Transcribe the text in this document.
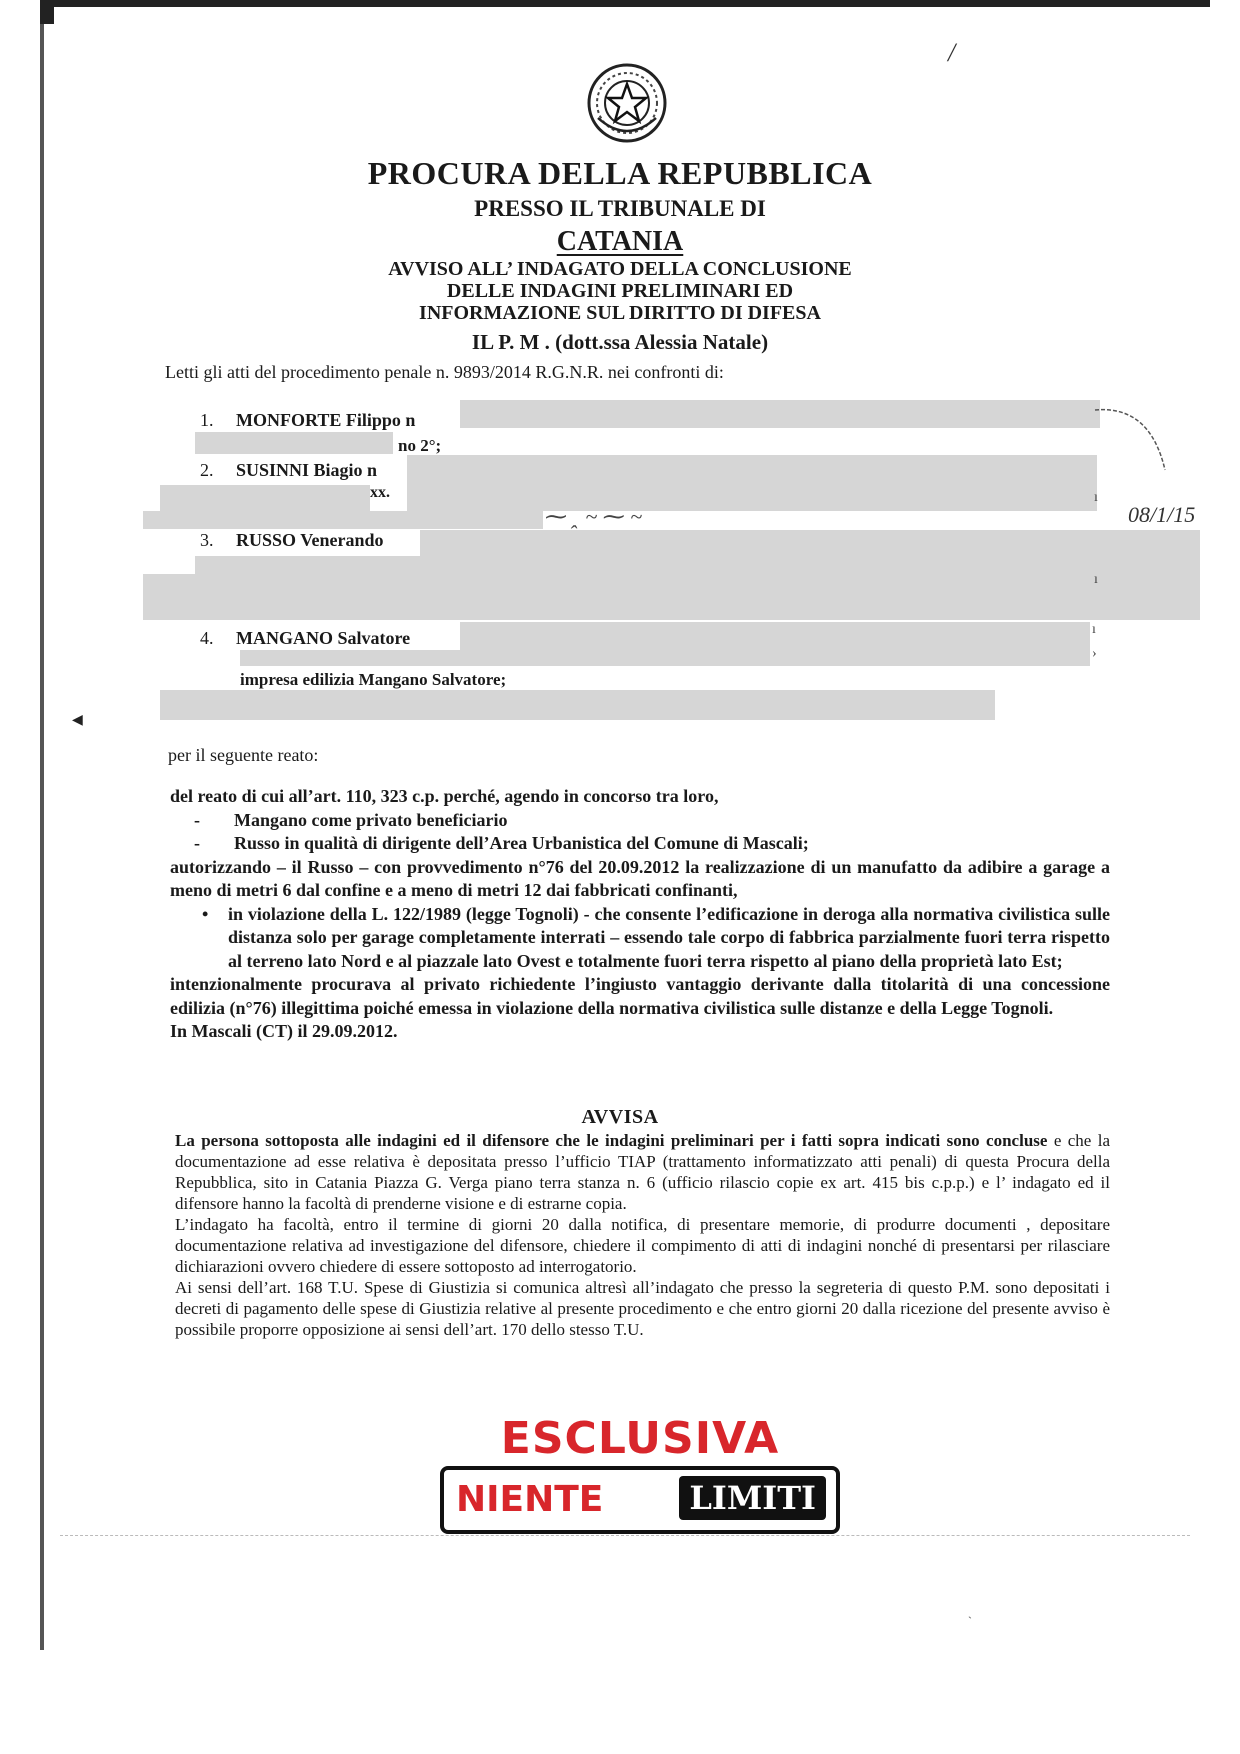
/
PROCURA DELLA REPUBBLICA
PRESSO IL TRIBUNALE DI
CATANIA
AVVISO ALL’ INDAGATO DELLA CONCLUSIONE
DELLE INDAGINI PRELIMINARI ED
INFORMAZIONE SUL DIRITTO DI DIFESA
IL P. M . (dott.ssa Alessia Natale)
Letti gli atti del procedimento penale n. 9893/2014 R.G.N.R. nei confronti di:
1. MONFORTE Filippo n
no 2°;
2. SUSINNI Biagio n
xx.
⁓ ꞈ ~ ⁓ ~
3. RUSSO Venerando
4. MANGANO Salvatore
impresa edilizia Mangano Salvatore;
08/1/15
ı
ı
ı
›
◀
per il seguente reato:

del reato di cui all’art. 110, 323 c.p. perché, agendo in concorso tra loro,

- Mangano come privato beneficiario

- Russo in qualità di dirigente dell’Area Urbanistica del Comune di Mascali;

autorizzando – il Russo – con provvedimento n°76 del 20.09.2012 la realizzazione di un manufatto da adibire a garage a meno di metri 6 dal confine e a meno di metri 12 dai fabbricati confinanti,

• in violazione della L. 122/1989 (legge Tognoli) - che consente l’edificazione in deroga alla normativa civilistica sulle distanza solo per garage completamente interrati – essendo tale corpo di fabbrica parzialmente fuori terra rispetto al terreno lato Nord e al piazzale lato Ovest e totalmente fuori terra rispetto al piano della proprietà lato Est;

intenzionalmente procurava al privato richiedente l’ingiusto vantaggio derivante dalla titolarità di una concessione edilizia (n°76) illegittima poiché emessa in violazione della normativa civilistica sulle distanze e della Legge Tognoli.

In Mascali (CT) il 29.09.2012.

AVVISA

La persona sottoposta alle indagini ed il difensore che le indagini preliminari per i fatti sopra indicati sono concluse e che la documentazione ad esse relativa è depositata presso l’ufficio TIAP (trattamento informatizzato atti penali) di questa Procura della Repubblica, sito in Catania Piazza G. Verga piano terra stanza n. 6 (ufficio rilascio copie ex art. 415 bis c.p.p.) e l’ indagato ed il difensore hanno la facoltà di prenderne visione e di estrarne copia.

L’indagato ha facoltà, entro il termine di giorni 20 dalla notifica, di presentare memorie, di produrre documenti , depositare documentazione relativa ad investigazione del difensore, chiedere il compimento di atti di indagini nonché di presentarsi per rilasciare dichiarazioni ovvero chiedere di essere sottoposto ad interrogatorio.

Ai sensi dell’art. 168 T.U. Spese di Giustizia si comunica altresì all’indagato che presso la segreteria di questo P.M. sono depositati i decreti di pagamento delle spese di Giustizia relative al presente procedimento e che entro giorni 20 dalla ricezione del presente avviso è possibile proporre opposizione ai sensi dell’art. 170 dello stesso T.U.

ESCLUSIVA
NIENTE	LIMITI
ˏ
